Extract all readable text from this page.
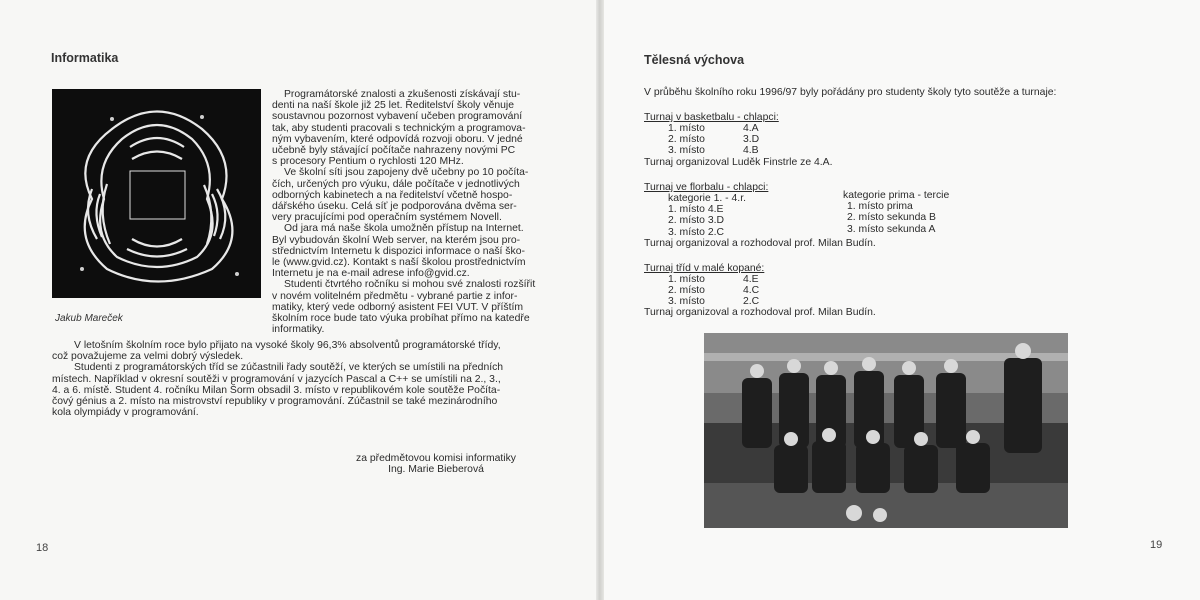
Informatika
Jakub Mareček
Programátorské znalosti a zkušenosti získávají stu-
denti na naší škole již 25 let. Ředitelství školy věnuje
soustavnou pozornost vybavení učeben programování
tak, aby studenti pracovali s technickým a programova-
ným vybavením, které odpovídá rozvoji oboru. V jedné
učebně byly stávající počítače nahrazeny novými PC
s procesory Pentium o rychlosti 120 MHz.
Ve školní síti jsou zapojeny dvě učebny po 10 počíta-
čích, určených pro výuku, dále počítače v jednotlivých
odborných kabinetech a na ředitelství včetně hospo-
dářského úseku. Celá síť je podporována dvěma ser-
very pracujícími pod operačním systémem Novell.
Od jara má naše škola umožněn přístup na Internet.
Byl vybudován školní Web server, na kterém jsou pro-
střednictvím Internetu k dispozici informace o naší ško-
le (www.gvid.cz). Kontakt s naší školou prostřednictvím
Internetu je na e-mail adrese info@gvid.cz.
Studenti čtvrtého ročníku si mohou své znalosti rozšířit
v novém volitelném předmětu - vybrané partie z infor-
matiky, který vede odborný asistent FEI VUT. V příštím
školním roce bude tato výuka probíhat přímo na katedře
informatiky.
V letošním školním roce bylo přijato na vysoké školy 96,3% absolventů programátorské třídy,
což považujeme za velmi dobrý výsledek.
Studenti z programátorských tříd se zúčastnili řady soutěží, ve kterých se umístili na předních
místech. Například v okresní soutěži v programování v jazycích Pascal a C++ se umístili na 2., 3.,
4. a 6. místě. Student 4. ročníku Milan Šorm obsadil 3. místo v republikovém kole soutěže Počíta-
čový génius a 2. místo na mistrovství republiky v programování. Zúčastnil se také mezinárodního
kola olympiády v programování.
za předmětovou komisi informatiky
Ing. Marie Bieberová
18
Tělesná výchova
V průběhu školního roku 1996/97 byly pořádány pro studenty školy tyto soutěže a turnaje:
Turnaj v basketbalu - chlapci:
1. místo	4.A
2. místo	3.D
3. místo	4.B
Turnaj organizoval Luděk Finstrle ze 4.A.
Turnaj ve florbalu - chlapci:
kategorie 1. - 4.r.
1. místo 4.E
2. místo 3.D
3. místo 2.C
kategorie prima - tercie
1. místo prima
2. místo sekunda B
3. místo sekunda A
Turnaj organizoval a rozhodoval prof. Milan Budín.
Turnaj tříd v malé kopané:
1. místo	4.E
2. místo	4.C
3. místo	2.C
Turnaj organizoval a rozhodoval prof. Milan Budín.
19
